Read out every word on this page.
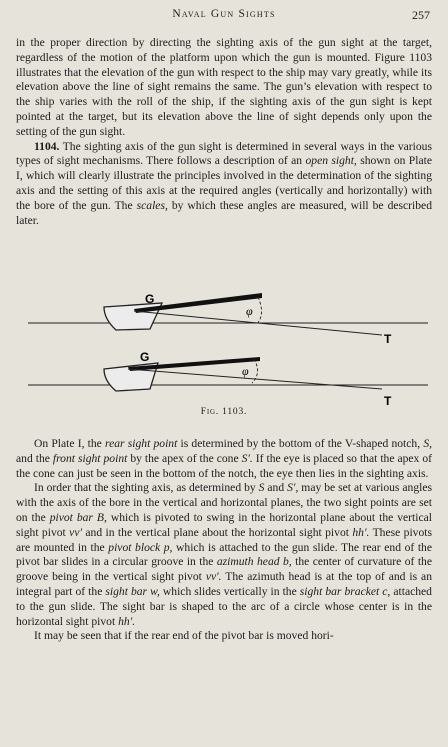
Naval Gun Sights	257

in the proper direction by directing the sighting axis of the gun sight at the target, regardless of the motion of the platform upon which the gun is mounted. Figure 1103 illustrates that the elevation of the gun with respect to the ship may vary greatly, while its elevation above the line of sight remains the same. The gun’s elevation with respect to the ship varies with the roll of the ship, if the sighting axis of the gun sight is kept pointed at the target, but its elevation above the line of sight depends only upon the setting of the gun sight.

1104. The sighting axis of the gun sight is determined in several ways in the various types of sight mechanisms. There follows a description of an open sight, shown on Plate I, which will clearly illustrate the principles involved in the determination of the sighting axis and the setting of this axis at the required angles (vertically and horizontally) with the bore of the gun. The scales, by which these angles are measured, will be described later.

G
φ
T
G
φ
T
Fig. 1103.

On Plate I, the rear sight point is determined by the bottom of the V-shaped notch, S, and the front sight point by the apex of the cone S′. If the eye is placed so that the apex of the cone can just be seen in the bottom of the notch, the eye then lies in the sighting axis.

In order that the sighting axis, as determined by S and S′, may be set at various angles with the axis of the bore in the vertical and horizontal planes, the two sight points are set on the pivot bar B, which is pivoted to swing in the horizontal plane about the vertical sight pivot vv′ and in the vertical plane about the horizontal sight pivot hh′. These pivots are mounted in the pivot block p, which is attached to the gun slide. The rear end of the pivot bar slides in a circular groove in the azimuth head b, the center of curvature of the groove being in the vertical sight pivot vv′. The azimuth head is at the top of and is an integral part of the sight bar w, which slides vertically in the sight bar bracket c, attached to the gun slide. The sight bar is shaped to the arc of a circle whose center is in the horizontal sight pivot hh′.

It may be seen that if the rear end of the pivot bar is moved hori-
